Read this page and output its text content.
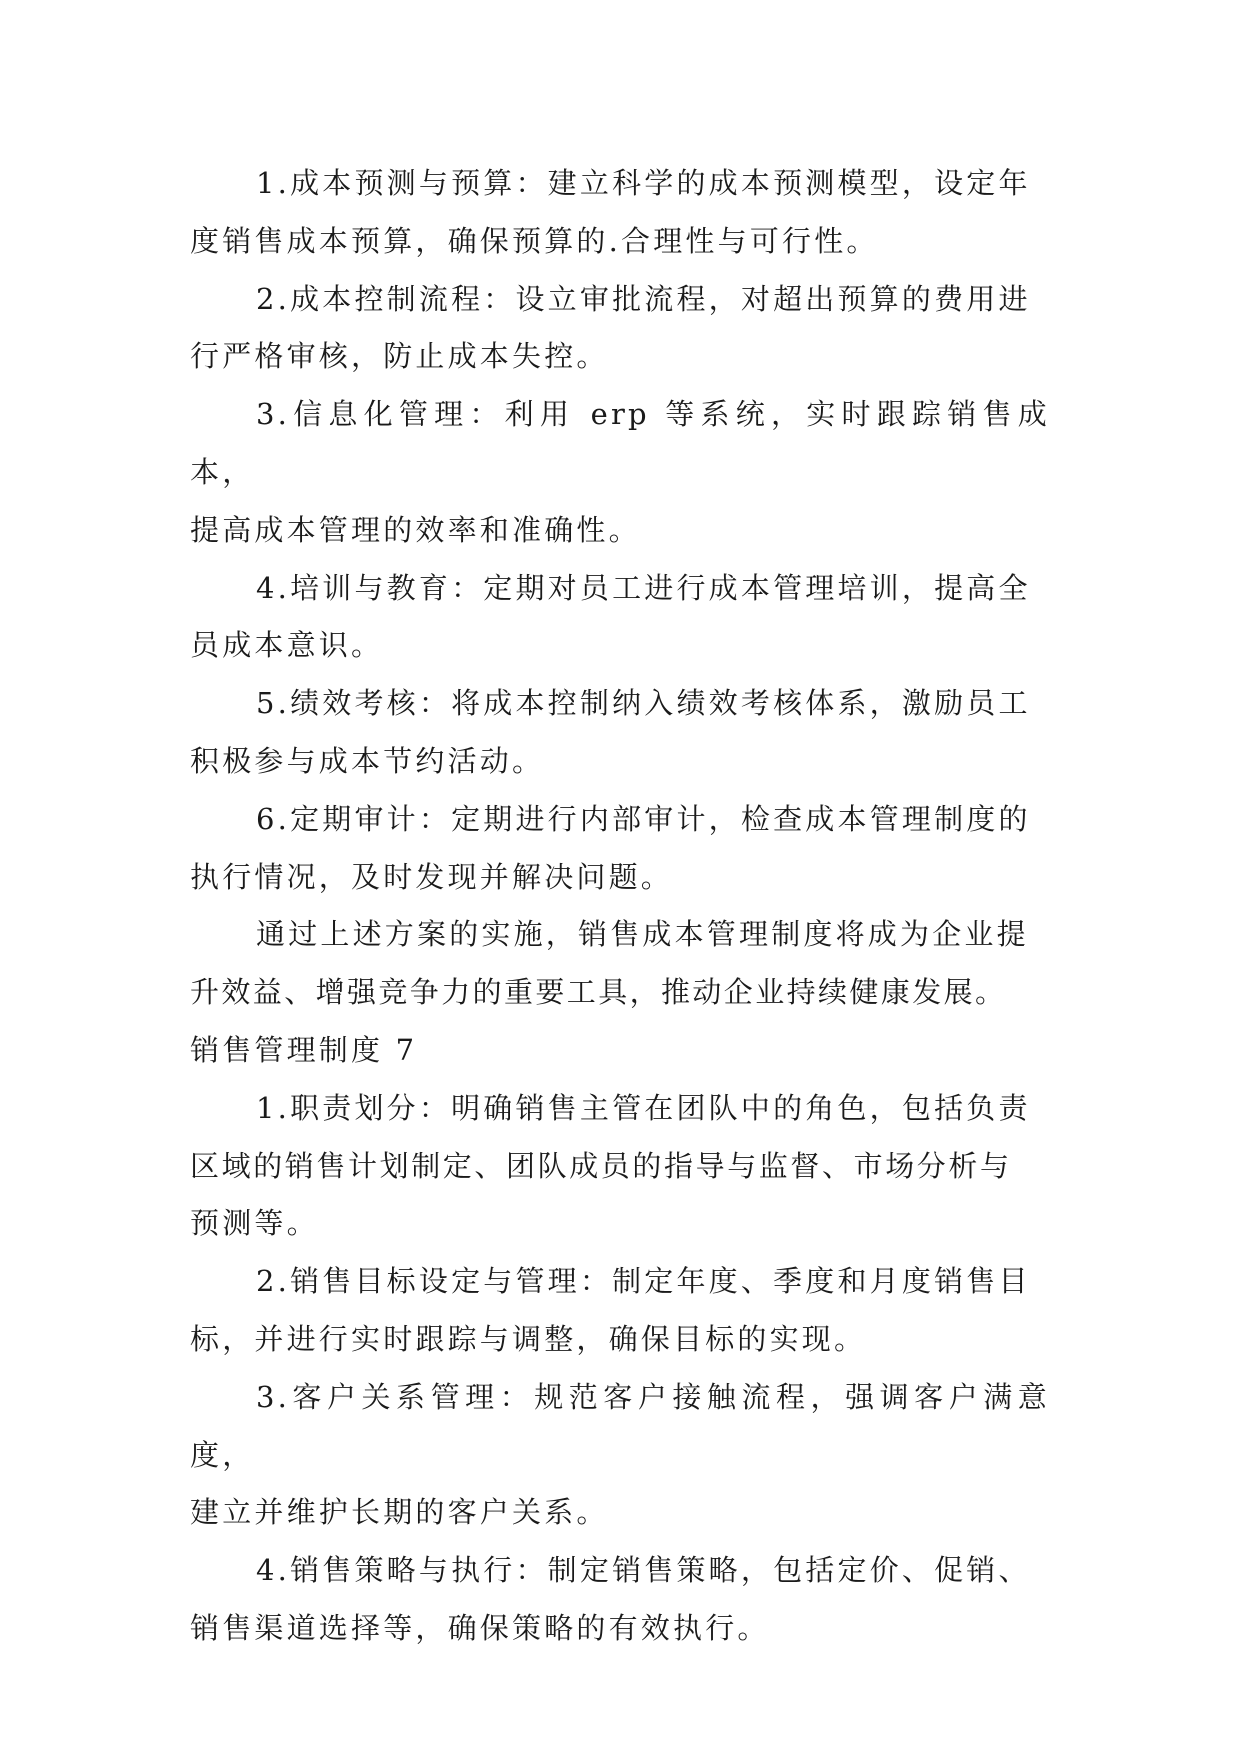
1.成本预测与预算：建立科学的成本预测模型，设定年
度销售成本预算，确保预算的.合理性与可行性。
2.成本控制流程：设立审批流程，对超出预算的费用进
行严格审核，防止成本失控。
3.信息化管理：利用 erp 等系统，实时跟踪销售成本，
提高成本管理的效率和准确性。
4.培训与教育：定期对员工进行成本管理培训，提高全
员成本意识。
5.绩效考核：将成本控制纳入绩效考核体系，激励员工
积极参与成本节约活动。
6.定期审计：定期进行内部审计，检查成本管理制度的
执行情况，及时发现并解决问题。
通过上述方案的实施，销售成本管理制度将成为企业提
升效益、增强竞争力的重要工具，推动企业持续健康发展。
销售管理制度 7
1.职责划分：明确销售主管在团队中的角色，包括负责
区域的销售计划制定、团队成员的指导与监督、市场分析与
预测等。
2.销售目标设定与管理：制定年度、季度和月度销售目
标，并进行实时跟踪与调整，确保目标的实现。
3.客户关系管理：规范客户接触流程，强调客户满意度，
建立并维护长期的客户关系。
4.销售策略与执行：制定销售策略，包括定价、促销、
销售渠道选择等，确保策略的有效执行。
